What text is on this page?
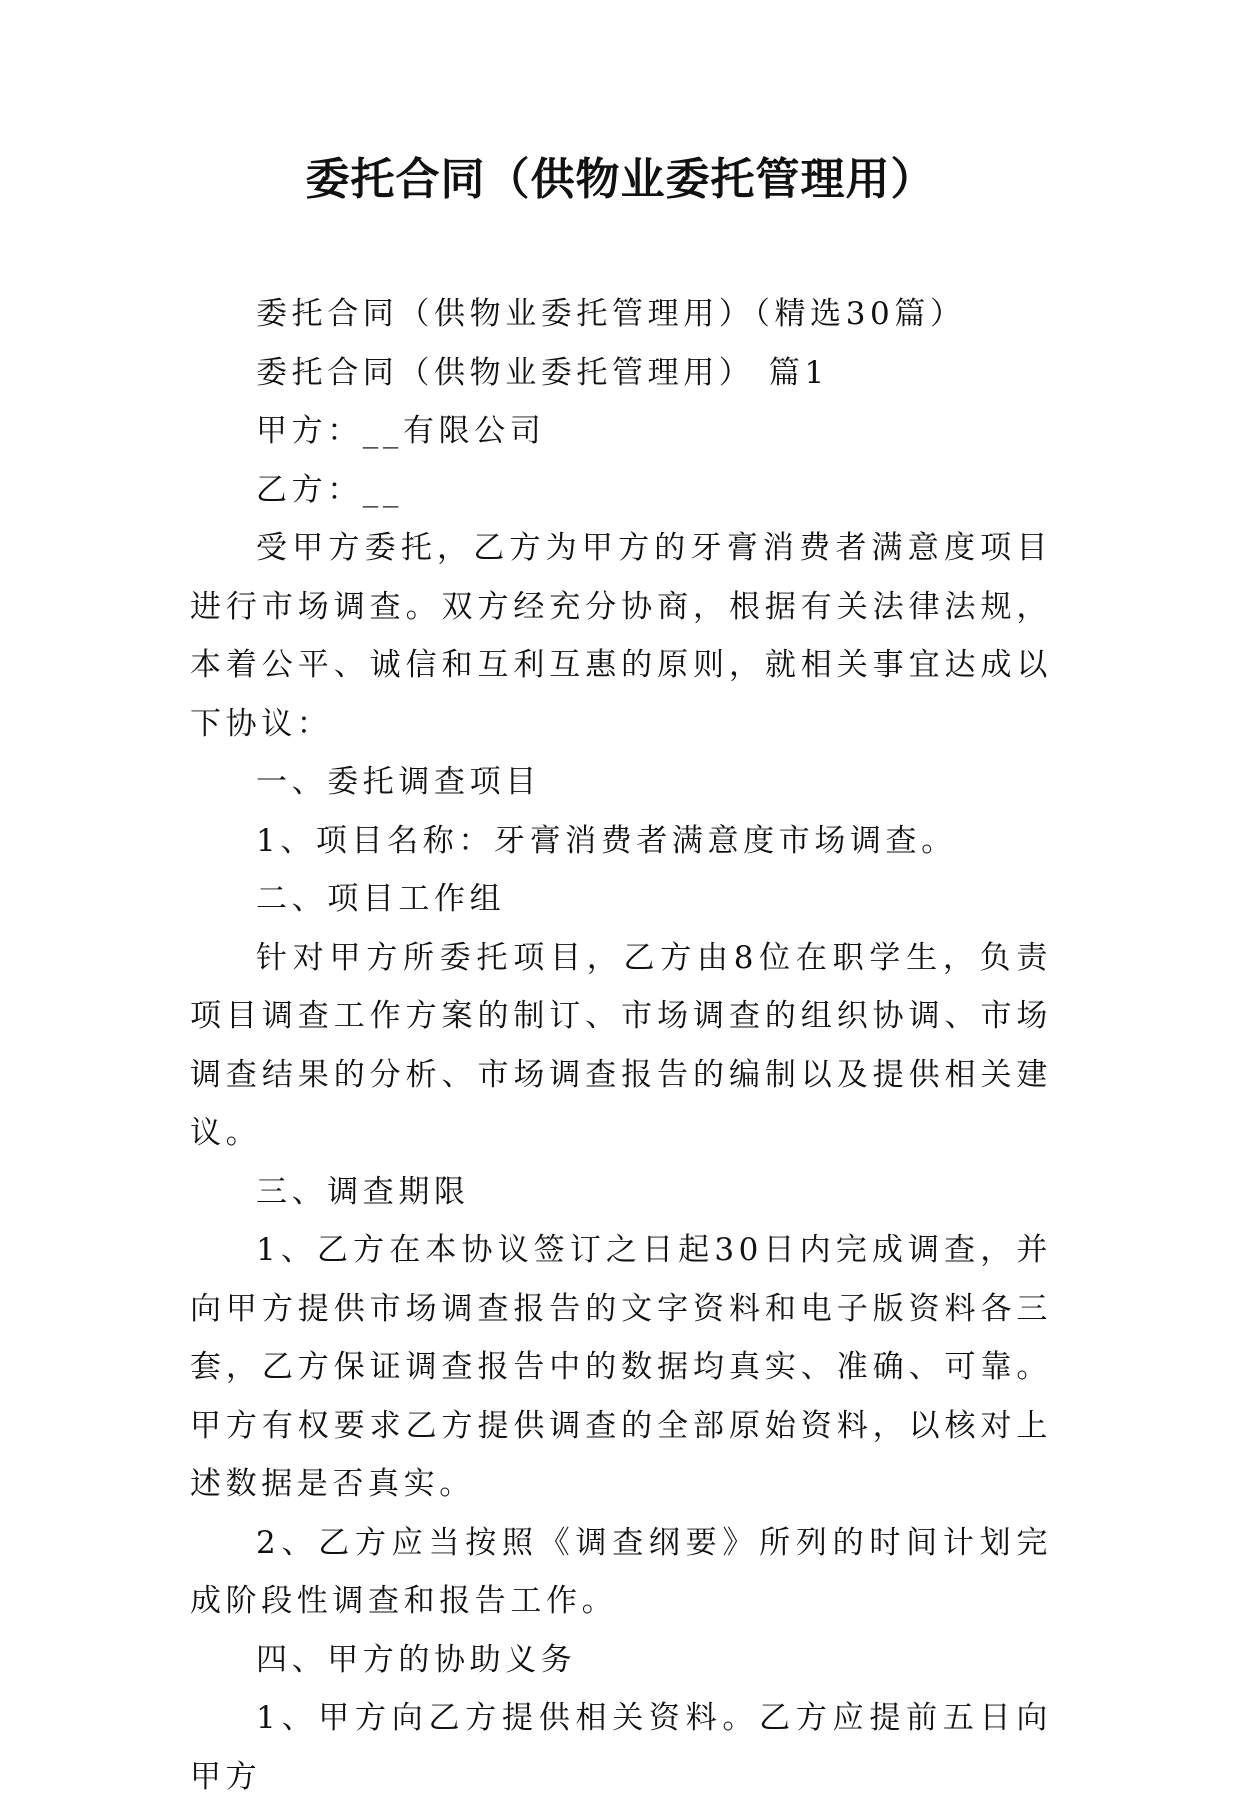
委托合同（供物业委托管理用）

委托合同（供物业委托管理用）（精选30篇）

委托合同（供物业委托管理用） 篇1

甲方：__有限公司

乙方：__

受甲方委托，乙方为甲方的牙膏消费者满意度项目进行市场调查。双方经充分协商，根据有关法律法规，本着公平、诚信和互利互惠的原则，就相关事宜达成以下协议：

一、委托调查项目

1、项目名称：牙膏消费者满意度市场调查。

二、项目工作组

针对甲方所委托项目，乙方由8位在职学生，负责项目调查工作方案的制订、市场调查的组织协调、市场调查结果的分析、市场调查报告的编制以及提供相关建议。

三、调查期限

1、乙方在本协议签订之日起30日内完成调查，并向甲方提供市场调查报告的文字资料和电子版资料各三套，乙方保证调查报告中的数据均真实、准确、可靠。甲方有权要求乙方提供调查的全部原始资料，以核对上述数据是否真实。

2、乙方应当按照《调查纲要》所列的时间计划完成阶段性调查和报告工作。

四、甲方的协助义务

1、甲方向乙方提供相关资料。乙方应提前五日向甲方
